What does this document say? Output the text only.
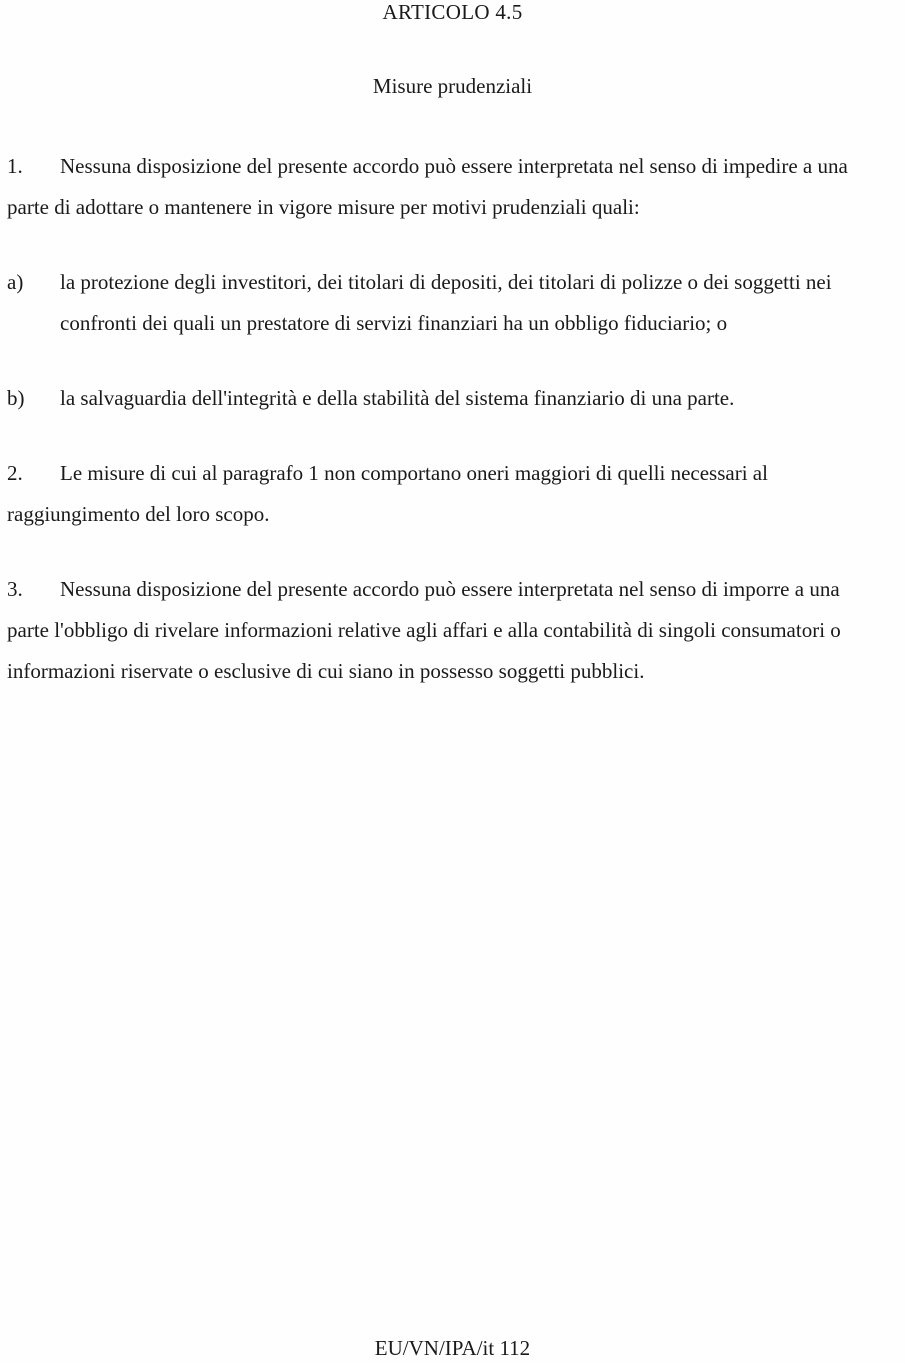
ARTICOLO 4.5
Misure prudenziali
1. Nessuna disposizione del presente accordo può essere interpretata nel senso di impedire a una
parte di adottare o mantenere in vigore misure per motivi prudenziali quali:
a) la protezione degli investitori, dei titolari di depositi, dei titolari di polizze o dei soggetti nei
confronti dei quali un prestatore di servizi finanziari ha un obbligo fiduciario; o
b) la salvaguardia dell'integrità e della stabilità del sistema finanziario di una parte.
2. Le misure di cui al paragrafo 1 non comportano oneri maggiori di quelli necessari al
raggiungimento del loro scopo.
3. Nessuna disposizione del presente accordo può essere interpretata nel senso di imporre a una
parte l'obbligo di rivelare informazioni relative agli affari e alla contabilità di singoli consumatori o
informazioni riservate o esclusive di cui siano in possesso soggetti pubblici.
EU/VN/IPA/it 112
